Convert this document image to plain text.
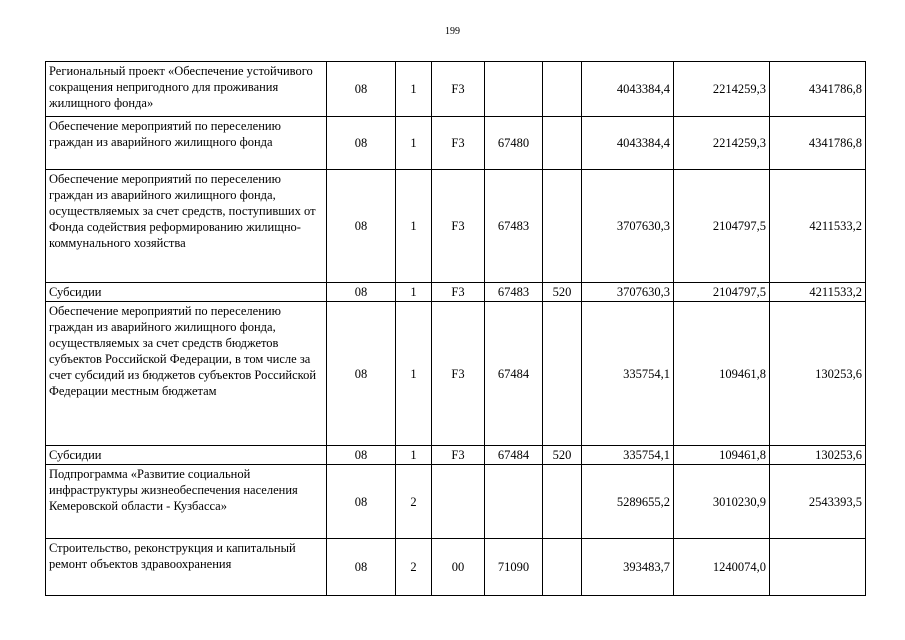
199
Региональный проект «Обеспечение устойчивого сокращения непригодного для проживания жилищного фонда»	08	1	F3			4043384,4	2214259,3	4341786,8
Обеспечение мероприятий по переселению граждан из аварийного жилищного фонда	08	1	F3	67480		4043384,4	2214259,3	4341786,8
Обеспечение мероприятий по переселению граждан из аварийного жилищного фонда, осуществляемых за счет средств, поступивших от Фонда содействия реформированию жилищно-коммунального хозяйства	08	1	F3	67483		3707630,3	2104797,5	4211533,2
Субсидии	08	1	F3	67483	520	3707630,3	2104797,5	4211533,2
Обеспечение мероприятий по переселению граждан из аварийного жилищного фонда, осуществляемых за счет средств бюджетов субъектов Российской Федерации, в том числе за счет субсидий из бюджетов субъектов Российской Федерации местным бюджетам	08	1	F3	67484		335754,1	109461,8	130253,6
Субсидии	08	1	F3	67484	520	335754,1	109461,8	130253,6
Подпрограмма «Развитие социальной инфраструктуры жизнеобеспечения населения Кемеровской области - Кузбасса»	08	2				5289655,2	3010230,9	2543393,5
Строительство, реконструкция и капитальный ремонт объектов здравоохранения	08	2	00	71090		393483,7	1240074,0	
